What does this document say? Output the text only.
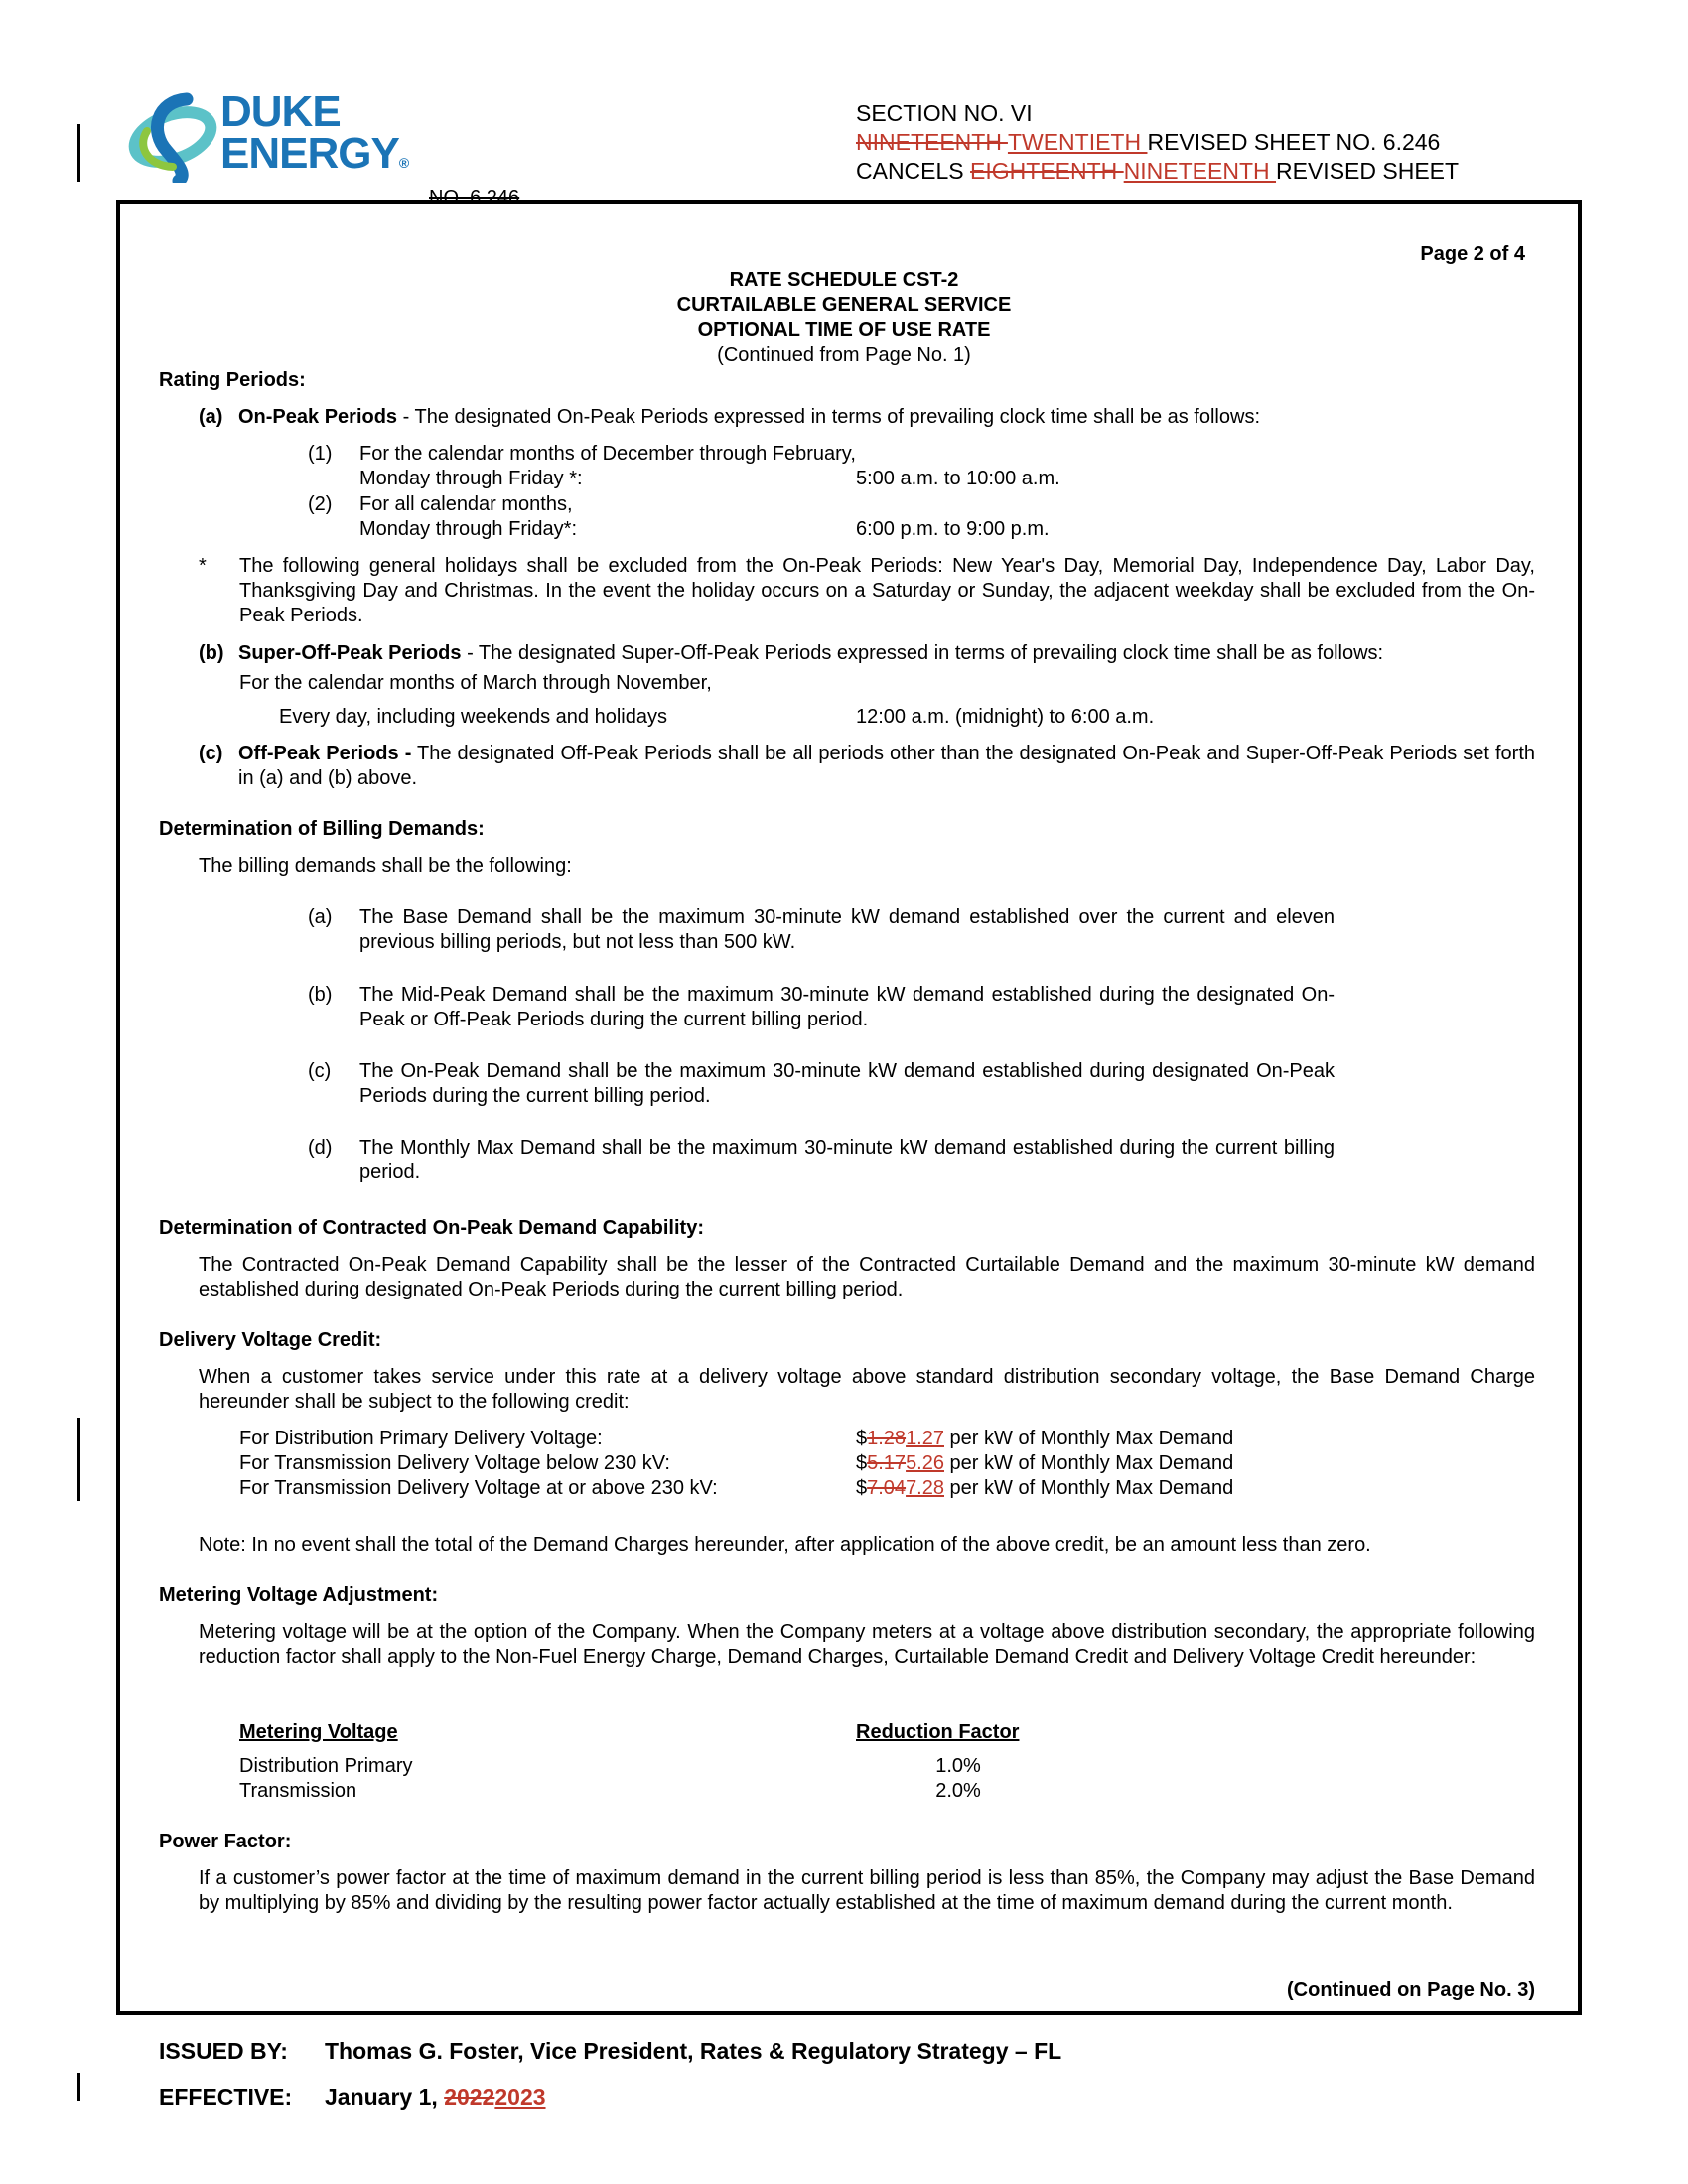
DUKE
ENERGY®
SECTION NO. VI
NINETEENTH TWENTIETH REVISED SHEET NO. 6.246
CANCELS EIGHTEENTH NINETEENTH REVISED SHEET
NO. 6.246
Page 2 of 4
RATE SCHEDULE CST-2
CURTAILABLE GENERAL SERVICE
OPTIONAL TIME OF USE RATE
(Continued from Page No. 1)
Rating Periods:
(a) On-Peak Periods - The designated On-Peak Periods expressed in terms of prevailing clock time shall be as follows:
(1) For the calendar months of December through February,
Monday through Friday *:	5:00 a.m. to 10:00 a.m.
(2) For all calendar months,
Monday through Friday*:	6:00 p.m. to 9:00 p.m.
* The following general holidays shall be excluded from the On-Peak Periods: New Year's Day, Memorial Day, Independence Day, Labor Day, Thanksgiving Day and Christmas. In the event the holiday occurs on a Saturday or Sunday, the adjacent weekday shall be excluded from the On-Peak Periods.
(b) Super-Off-Peak Periods - The designated Super-Off-Peak Periods expressed in terms of prevailing clock time shall be as follows:
For the calendar months of March through November,
Every day, including weekends and holidays	12:00 a.m. (midnight) to 6:00 a.m.
(c) Off-Peak Periods - The designated Off-Peak Periods shall be all periods other than the designated On-Peak and Super-Off-Peak Periods set forth in (a) and (b) above.
Determination of Billing Demands:
The billing demands shall be the following:
(a) The Base Demand shall be the maximum 30-minute kW demand established over the current and eleven previous billing periods, but not less than 500 kW.
(b) The Mid-Peak Demand shall be the maximum 30-minute kW demand established during the designated On-Peak or Off-Peak Periods during the current billing period.
(c) The On-Peak Demand shall be the maximum 30-minute kW demand established during designated On-Peak Periods during the current billing period.
(d) The Monthly Max Demand shall be the maximum 30-minute kW demand established during the current billing period.
Determination of Contracted On-Peak Demand Capability:
The Contracted On-Peak Demand Capability shall be the lesser of the Contracted Curtailable Demand and the maximum 30-minute kW demand established during designated On-Peak Periods during the current billing period.
Delivery Voltage Credit:
When a customer takes service under this rate at a delivery voltage above standard distribution secondary voltage, the Base Demand Charge hereunder shall be subject to the following credit:
For Distribution Primary Delivery Voltage:	$1.281.27 per kW of Monthly Max Demand
For Transmission Delivery Voltage below 230 kV:	$5.175.26 per kW of Monthly Max Demand
For Transmission Delivery Voltage at or above 230 kV:	$7.047.28 per kW of Monthly Max Demand
Note: In no event shall the total of the Demand Charges hereunder, after application of the above credit, be an amount less than zero.
Metering Voltage Adjustment:
Metering voltage will be at the option of the Company. When the Company meters at a voltage above distribution secondary, the appropriate following reduction factor shall apply to the Non-Fuel Energy Charge, Demand Charges, Curtailable Demand Credit and Delivery Voltage Credit hereunder:
Metering Voltage	Reduction Factor
Distribution Primary	1.0%
Transmission	2.0%
Power Factor:
If a customer’s power factor at the time of maximum demand in the current billing period is less than 85%, the Company may adjust the Base Demand by multiplying by 85% and dividing by the resulting power factor actually established at the time of maximum demand during the current month.
(Continued on Page No. 3)
ISSUED BY: Thomas G. Foster, Vice President, Rates & Regulatory Strategy – FL
EFFECTIVE: January 1, 20222023
